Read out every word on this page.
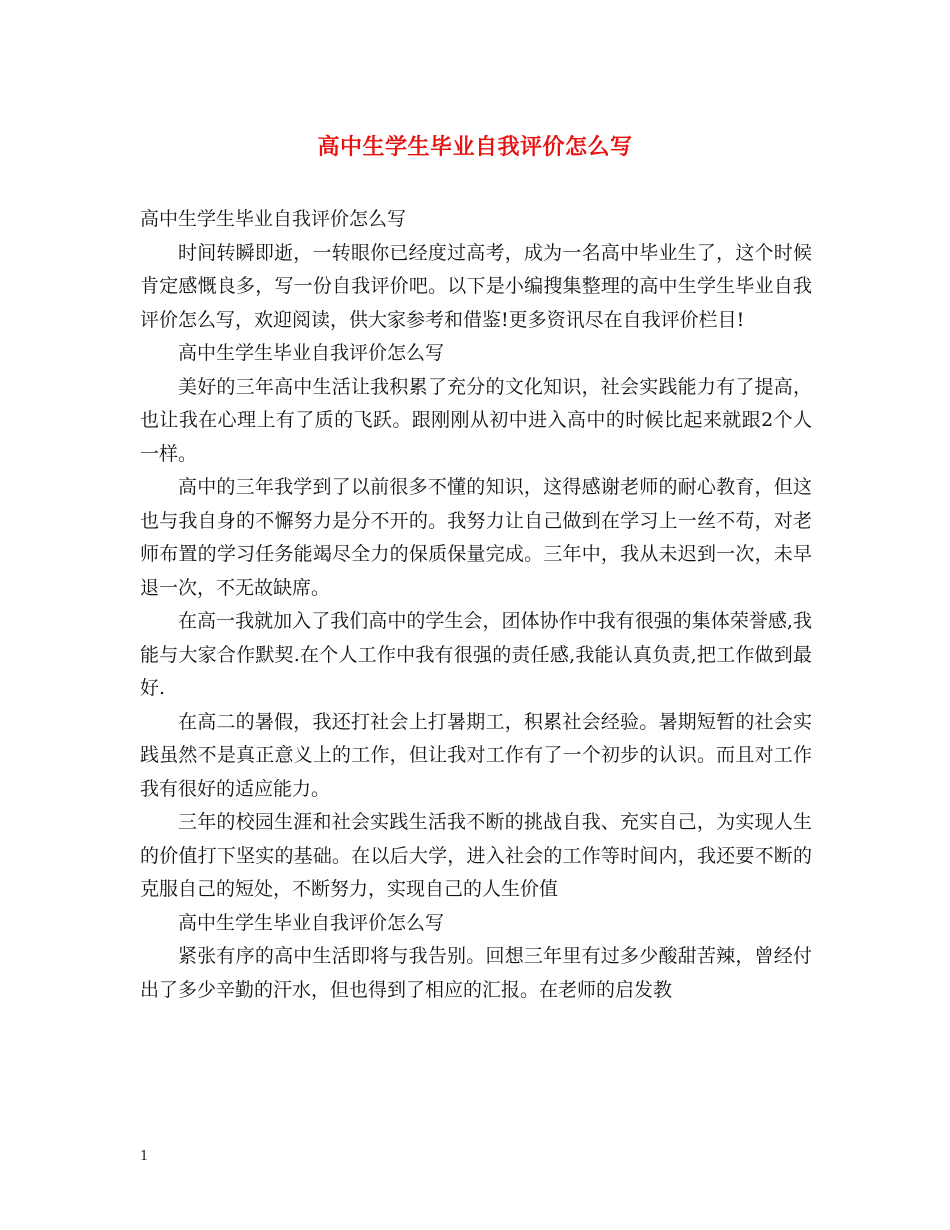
高中生学生毕业自我评价怎么写

高中生学生毕业自我评价怎么写

时间转瞬即逝，一转眼你已经度过高考，成为一名高中毕业生了，这个时候肯定感慨良多，写一份自我评价吧。以下是小编搜集整理的高中生学生毕业自我评价怎么写，欢迎阅读，供大家参考和借鉴!更多资讯尽在自我评价栏目!

高中生学生毕业自我评价怎么写

美好的三年高中生活让我积累了充分的文化知识，社会实践能力有了提高，也让我在心理上有了质的飞跃。跟刚刚从初中进入高中的时候比起来就跟2个人一样。

高中的三年我学到了以前很多不懂的知识，这得感谢老师的耐心教育，但这也与我自身的不懈努力是分不开的。我努力让自己做到在学习上一丝不苟，对老师布置的学习任务能竭尽全力的保质保量完成。三年中，我从未迟到一次，未早退一次，不无故缺席。

在高一我就加入了我们高中的学生会，团体协作中我有很强的集体荣誉感,我能与大家合作默契.在个人工作中我有很强的责任感,我能认真负责,把工作做到最好.

在高二的暑假，我还打社会上打暑期工，积累社会经验。暑期短暂的社会实践虽然不是真正意义上的工作，但让我对工作有了一个初步的认识。而且对工作我有很好的适应能力。

三年的校园生涯和社会实践生活我不断的挑战自我、充实自己，为实现人生的价值打下坚实的基础。在以后大学，进入社会的工作等时间内，我还要不断的克服自己的短处，不断努力，实现自己的人生价值

高中生学生毕业自我评价怎么写

紧张有序的高中生活即将与我告别。回想三年里有过多少酸甜苦辣，曾经付出了多少辛勤的汗水，但也得到了相应的汇报。在老师的启发教

1
